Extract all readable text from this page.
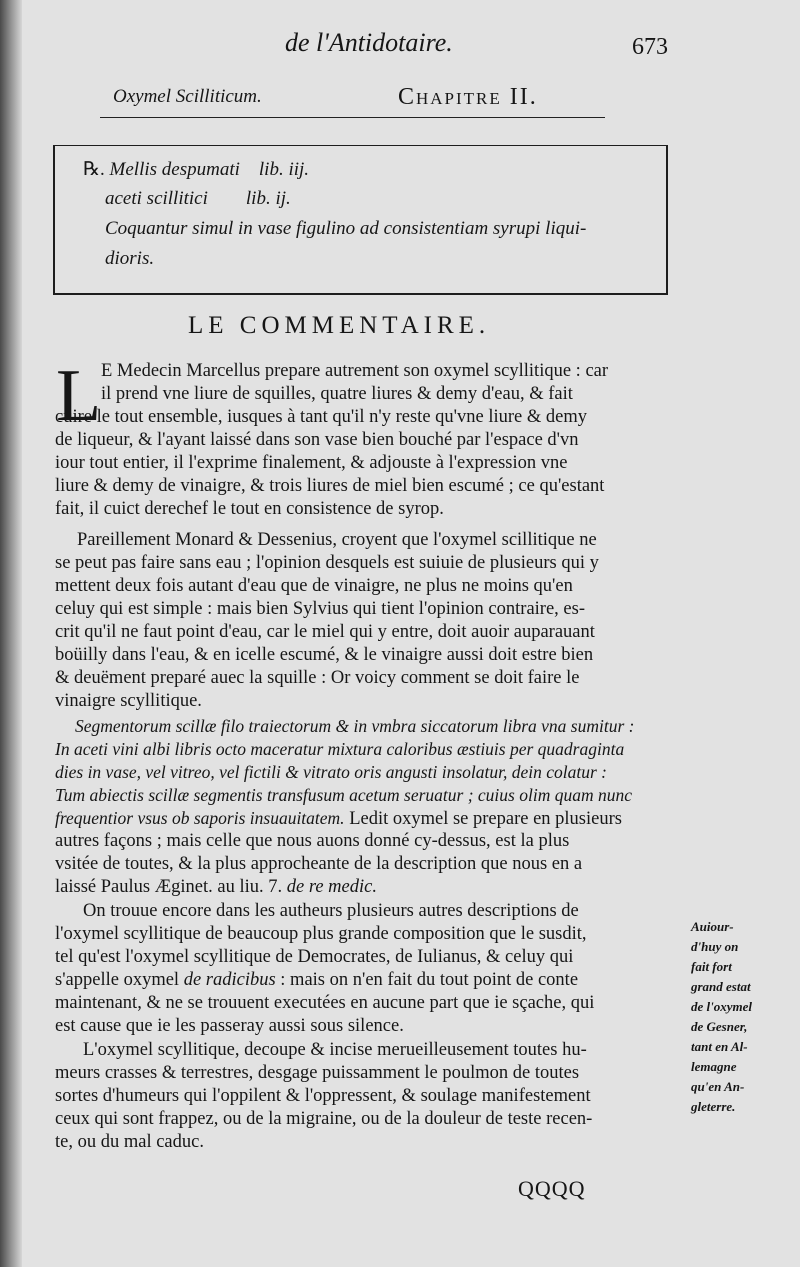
de l'Antidotaire.	673
Oxymel Scilliticum.	Chapitre II.
℞. Mellis despumati    lib. iij.
aceti scillitici        lib. ij.
Coquantur simul in vase figulino ad consistentiam syrupi liqui-
dioris.
LE COMMENTAIRE.
L E Medecin Marcellus prepare autrement son oxymel scyllitique : car
il prend vne liure de squilles, quatre liures & demy d'eau, & fait
cuire le tout ensemble, iusques à tant qu'il n'y reste qu'vne liure & demy
de liqueur, & l'ayant laissé dans son vase bien bouché par l'espace d'vn
iour tout entier, il l'exprime finalement, & adjouste à l'expression vne
liure & demy de vinaigre, & trois liures de miel bien escumé ; ce qu'estant
fait, il cuict derechef le tout en consistence de syrop.
Pareillement Monard & Dessenius, croyent que l'oxymel scillitique ne
se peut pas faire sans eau ; l'opinion desquels est suiuie de plusieurs qui y
mettent deux fois autant d'eau que de vinaigre, ne plus ne moins qu'en
celuy qui est simple : mais bien Sylvius qui tient l'opinion contraire, es-
crit qu'il ne faut point d'eau, car le miel qui y entre, doit auoir auparauant
boüilly dans l'eau, & en icelle escumé, & le vinaigre aussi doit estre bien
& deuëment preparé auec la squille : Or voicy comment se doit faire le
vinaigre scyllitique.
Segmentorum scillæ filo traiectorum & in vmbra siccatorum libra vna sumitur :
In aceti vini albi libris octo maceratur mixtura caloribus æstiuis per quadraginta
dies in vase, vel vitreo, vel fictili & vitrato oris angusti insolatur, dein colatur :
Tum abiectis scillæ segmentis transfusum acetum seruatur ; cuius olim quam nunc
frequentior vsus ob saporis insuauitatem. Ledit oxymel se prepare en plusieurs
autres façons ; mais celle que nous auons donné cy-dessus, est la plus
vsitée de toutes, & la plus approcheante de la description que nous en a
laissé Paulus Æginet. au liu. 7. de re medic.
On trouue encore dans les autheurs plusieurs autres descriptions de
l'oxymel scyllitique de beaucoup plus grande composition que le susdit,
tel qu'est l'oxymel scyllitique de Democrates, de Iulianus, & celuy qui
s'appelle oxymel de radicibus : mais on n'en fait du tout point de conte
maintenant, & ne se trouuent executées en aucune part que ie sçache, qui
est cause que ie les passeray aussi sous silence.
L'oxymel scyllitique, decoupe & incise merueilleusement toutes hu-
meurs crasses & terrestres, desgage puissamment le poulmon de toutes
sortes d'humeurs qui l'oppilent & l'oppressent, & soulage manifestement
ceux qui sont frappez, ou de la migraine, ou de la douleur de teste recen-
te, ou du mal caduc.
Auiour-
d'huy on
fait fort
grand estat
de l'oxymel
de Gesner,
tant en Al-
lemagne
qu'en An-
gleterre.
QQQQ
